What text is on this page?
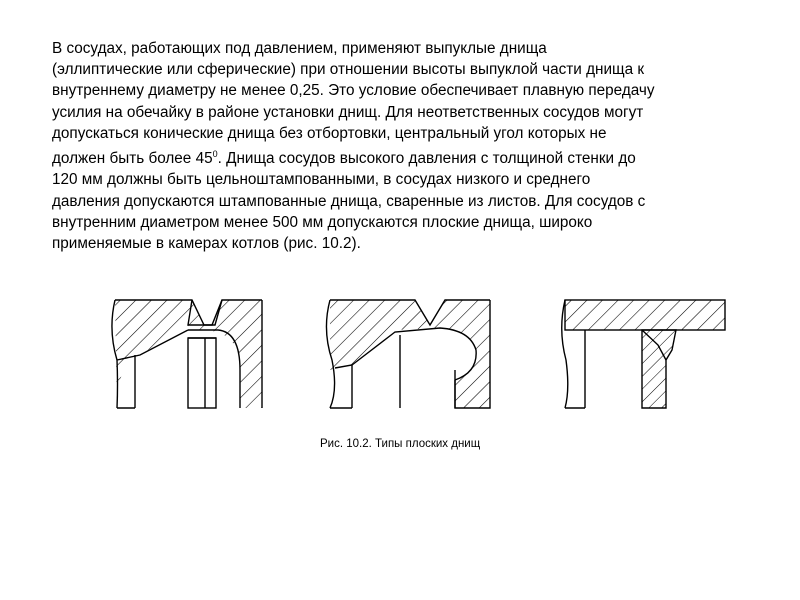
В сосудах, работающих под давлением, применяют выпуклые днища
(эллиптические или сферические) при отношении высоты выпуклой части днища к
внутреннему диаметру не менее 0,25. Это условие обеспечивает плавную передачу
усилия на обечайку в районе установки днищ. Для неответственных сосудов могут
допускаться конические днища без отбортовки, центральный угол которых не
должен быть более $45^0$. Днища сосудов высокого давления с толщиной стенки до
120 мм должны быть цельноштампованными, в сосудах низкого и среднего
давления допускаются штампованные днища, сваренные из листов. Для сосудов с
внутренним диаметром менее 500 мм допускаются плоские днища, широко
применяемые в камерах котлов (рис. 10.2).
Рис. 10.2. Типы плоских днищ
